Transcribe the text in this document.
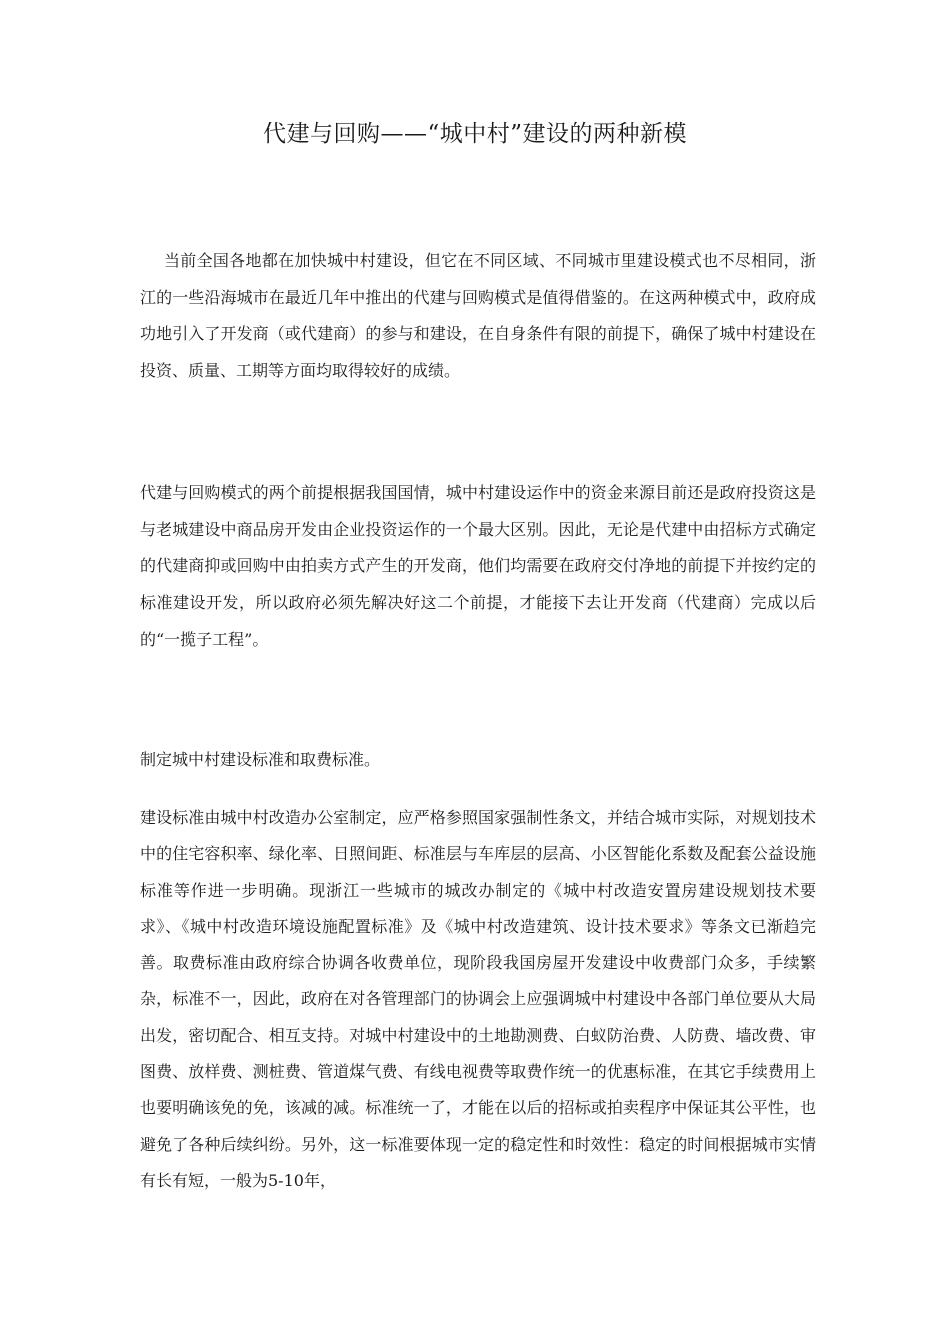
代建与回购——“城中村”建设的两种新模
当前全国各地都在加快城中村建设，但它在不同区域、不同城市里建设模式也不尽相同，浙江的一些沿海城市在最近几年中推出的代建与回购模式是值得借鉴的。在这两种模式中，政府成功地引入了开发商（或代建商）的参与和建设，在自身条件有限的前提下，确保了城中村建设在投资、质量、工期等方面均取得较好的成绩。
代建与回购模式的两个前提根据我国国情，城中村建设运作中的资金来源目前还是政府投资这是与老城建设中商品房开发由企业投资运作的一个最大区别。因此，无论是代建中由招标方式确定的代建商抑或回购中由拍卖方式产生的开发商，他们均需要在政府交付净地的前提下并按约定的标准建设开发，所以政府必须先解决好这二个前提，才能接下去让开发商（代建商）完成以后的“一揽子工程”。
制定城中村建设标准和取费标准。
建设标准由城中村改造办公室制定，应严格参照国家强制性条文，并结合城市实际，对规划技术中的住宅容积率、绿化率、日照间距、标准层与车库层的层高、小区智能化系数及配套公益设施标准等作进一步明确。现浙江一些城市的城改办制定的《城中村改造安置房建设规划技术要求》、《城中村改造环境设施配置标准》及《城中村改造建筑、设计技术要求》等条文已渐趋完善。取费标准由政府综合协调各收费单位，现阶段我国房屋开发建设中收费部门众多，手续繁杂，标准不一，因此，政府在对各管理部门的协调会上应强调城中村建设中各部门单位要从大局出发，密切配合、相互支持。对城中村建设中的土地勘测费、白蚁防治费、人防费、墙改费、审图费、放样费、测桩费、管道煤气费、有线电视费等取费作统一的优惠标准，在其它手续费用上也要明确该免的免，该减的减。标准统一了，才能在以后的招标或拍卖程序中保证其公平性，也避免了各种后续纠纷。另外，这一标准要体现一定的稳定性和时效性：稳定的时间根据城市实情有长有短，一般为5-10年，
